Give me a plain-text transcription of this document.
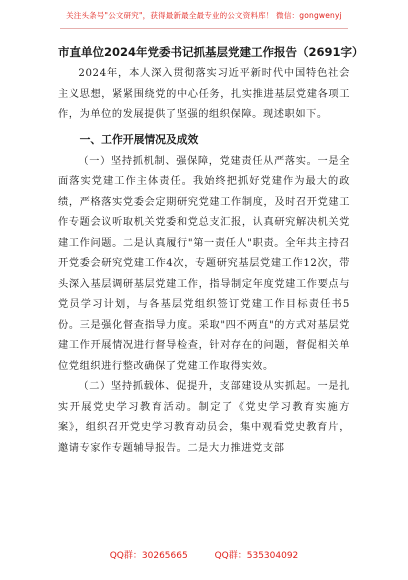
关注头条号"公文研究"，获得最新最全最专业的公文资料库！ 微信：gongwenyj
市直单位2024年党委书记抓基层党建工作报告（2691字）

2024年，本人深入贯彻落实习近平新时代中国特色社会主义思想，紧紧围绕党的中心任务，扎实推进基层党建各项工作，为单位的发展提供了坚强的组织保障。现述职如下。

一、工作开展情况及成效

（一）坚持抓机制、强保障，党建责任从严落实。一是全面落实党建工作主体责任。我始终把抓好党建作为最大的政绩，严格落实党委会定期研究党建工作制度，及时召开党建工作专题会议听取机关党委和党总支汇报，认真研究解决机关党建工作问题。二是认真履行"第一责任人"职责。全年共主持召开党委会研究党建工作4次，专题研究基层党建工作12次，带头深入基层调研基层党建工作，指导制定年度党建工作要点与党员学习计划，与各基层党组织签订党建工作目标责任书5份。三是强化督查指导力度。采取"四不两直"的方式对基层党建工作开展情况进行督导检查，针对存在的问题，督促相关单位党组织进行整改确保了党建工作取得实效。

（二）坚持抓载体、促提升，支部建设从实抓起。一是扎实开展党史学习教育活动。制定了《党史学习教育实施方案》，组织召开党史学习教育动员会，集中观看党史教育片，邀请专家作专题辅导报告。二是大力推进党支部

QQ群：30265665	QQ群：535304092
